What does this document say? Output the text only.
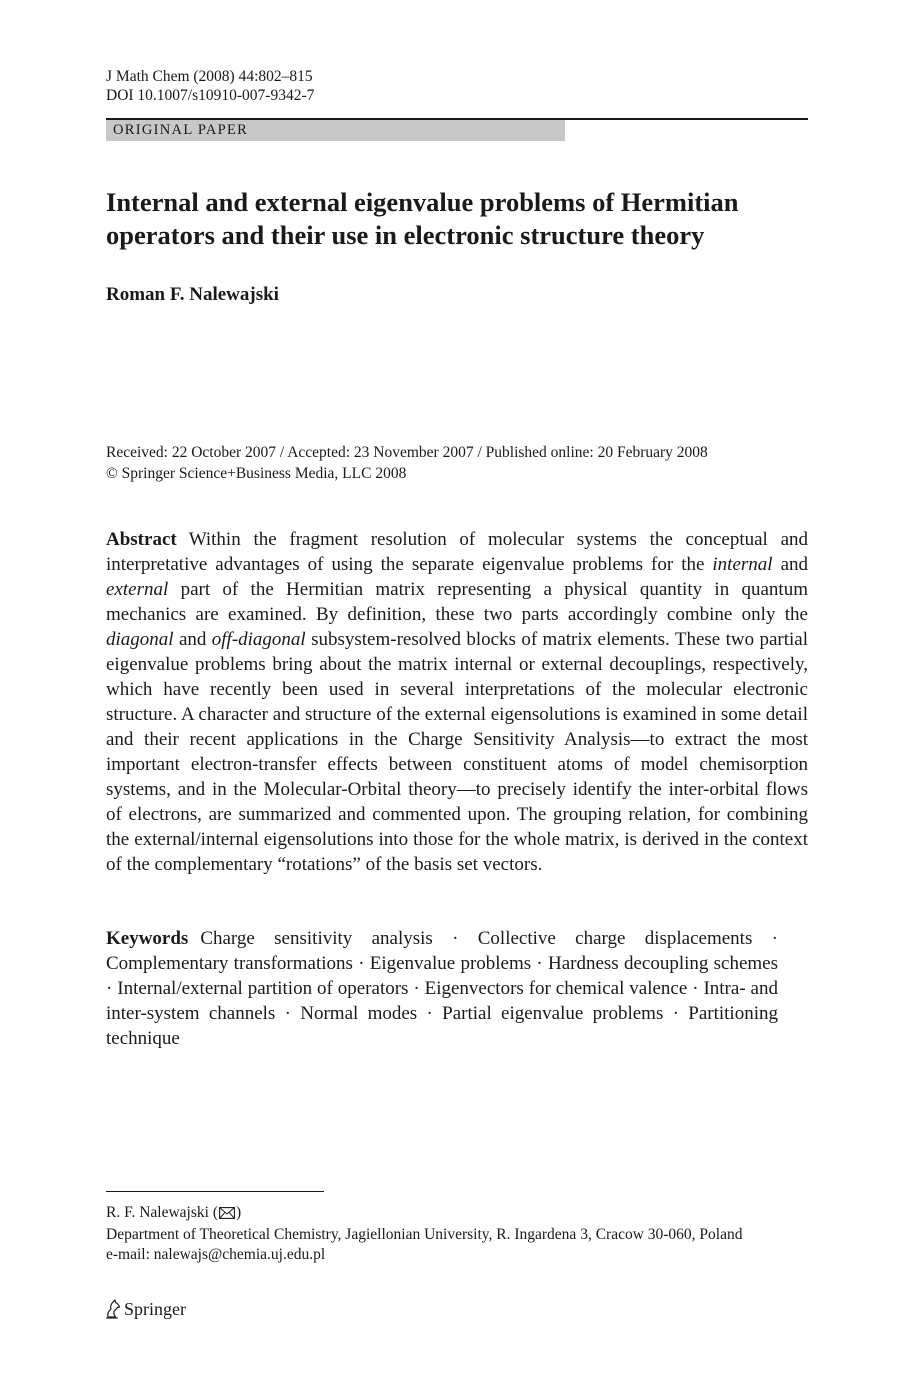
J Math Chem (2008) 44:802–815
DOI 10.1007/s10910-007-9342-7
ORIGINAL PAPER
Internal and external eigenvalue problems of Hermitian operators and their use in electronic structure theory
Roman F. Nalewajski
Received: 22 October 2007 / Accepted: 23 November 2007 / Published online: 20 February 2008
© Springer Science+Business Media, LLC 2008

Abstract Within the fragment resolution of molecular systems the conceptual and interpretative advantages of using the separate eigenvalue problems for the internal and external part of the Hermitian matrix representing a physical quantity in quantum mechanics are examined. By definition, these two parts accordingly combine only the diagonal and off-diagonal subsystem-resolved blocks of matrix elements. These two partial eigenvalue problems bring about the matrix internal or external decouplings, respectively, which have recently been used in several interpretations of the molecular electronic structure. A character and structure of the external eigensolutions is examined in some detail and their recent applications in the Charge Sensitivity Analysis—to extract the most important electron-transfer effects between constituent atoms of model chemisorption systems, and in the Molecular-Orbital theory—to precisely identify the inter-orbital flows of electrons, are summarized and commented upon. The grouping relation, for combining the external/internal eigensolutions into those for the whole matrix, is derived in the context of the complementary “rotations” of the basis set vectors.

Keywords Charge sensitivity analysis · Collective charge displacements · Complementary transformations · Eigenvalue problems · Hardness decoupling schemes · Internal/external partition of operators · Eigenvectors for chemical valence · Intra- and inter-system channels · Normal modes · Partial eigenvalue problems · Partitioning technique

R. F. Nalewajski ( )
Department of Theoretical Chemistry, Jagiellonian University, R. Ingardena 3, Cracow 30-060, Poland
e-mail: nalewajs@chemia.uj.edu.pl
Springer
